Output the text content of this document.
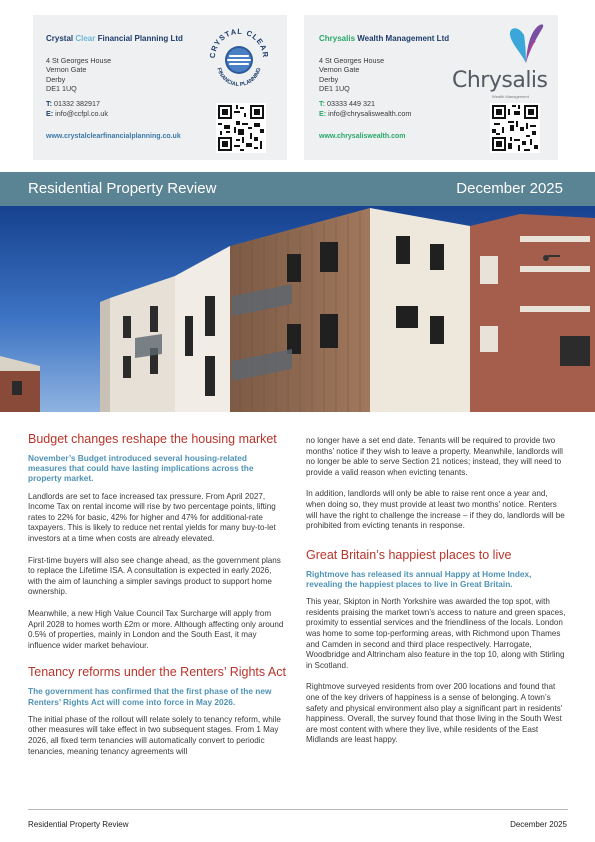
Crystal Clear Financial Planning Ltd
4 St Georges House
Vernon Gate
Derby
DE1 1UQ
T: 01332 382917
E: info@ccfpl.co.uk
www.crystalclearfinancialplanning.co.uk
CRYSTAL CLEAR
FINANCIAL PLANNING
Chrysalis Wealth Management Ltd
4 St Georges House
Vernon Gate
Derby
DE1 1UQ
T: 03333 449 321
E: info@chrysaliswealth.com
www.chrysaliswealth.com
Chrysalis
Wealth Management
Residential Property Review	December 2025
Budget changes reshape the housing market
November’s Budget introduced several housing-related measures that could have lasting implications across the property market.

Landlords are set to face increased tax pressure. From April 2027, Income Tax on rental income will rise by two percentage points, lifting rates to 22% for basic, 42% for higher and 47% for additional-rate taxpayers. This is likely to reduce net rental yields for many buy-to-let investors at a time when costs are already elevated.

First-time buyers will also see change ahead, as the government plans to replace the Lifetime ISA. A consultation is expected in early 2026, with the aim of launching a simpler savings product to support home ownership.

Meanwhile, a new High Value Council Tax Surcharge will apply from April 2028 to homes worth £2m or more. Although affecting only around 0.5% of properties, mainly in London and the South East, it may influence wider market behaviour.

Tenancy reforms under the Renters’ Rights Act
The government has confirmed that the first phase of the new Renters’ Rights Act will come into force in May 2026.

The initial phase of the rollout will relate solely to tenancy reform, while other measures will take effect in two subsequent stages. From 1 May 2026, all fixed term tenancies will automatically convert to periodic tenancies, meaning tenancy agreements will

no longer have a set end date. Tenants will be required to provide two months’ notice if they wish to leave a property. Meanwhile, landlords will no longer be able to serve Section 21 notices; instead, they will need to provide a valid reason when evicting tenants.

In addition, landlords will only be able to raise rent once a year and, when doing so, they must provide at least two months’ notice. Renters will have the right to challenge the increase – if they do, landlords will be prohibited from evicting tenants in response.

Great Britain’s happiest places to live
Rightmove has released its annual Happy at Home Index, revealing the happiest places to live in Great Britain.

This year, Skipton in North Yorkshire was awarded the top spot, with residents praising the market town’s access to nature and green spaces, proximity to essential services and the friendliness of the locals. London was home to some top-performing areas, with Richmond upon Thames and Camden in second and third place respectively. Harrogate, Woodbridge and Altrincham also feature in the top 10, along with Stirling in Scotland.

Rightmove surveyed residents from over 200 locations and found that one of the key drivers of happiness is a sense of belonging. A town’s safety and physical environment also play a significant part in residents’ happiness. Overall, the survey found that those living in the South West are most content with where they live, while residents of the East Midlands are least happy.

Residential Property Review	December 2025
